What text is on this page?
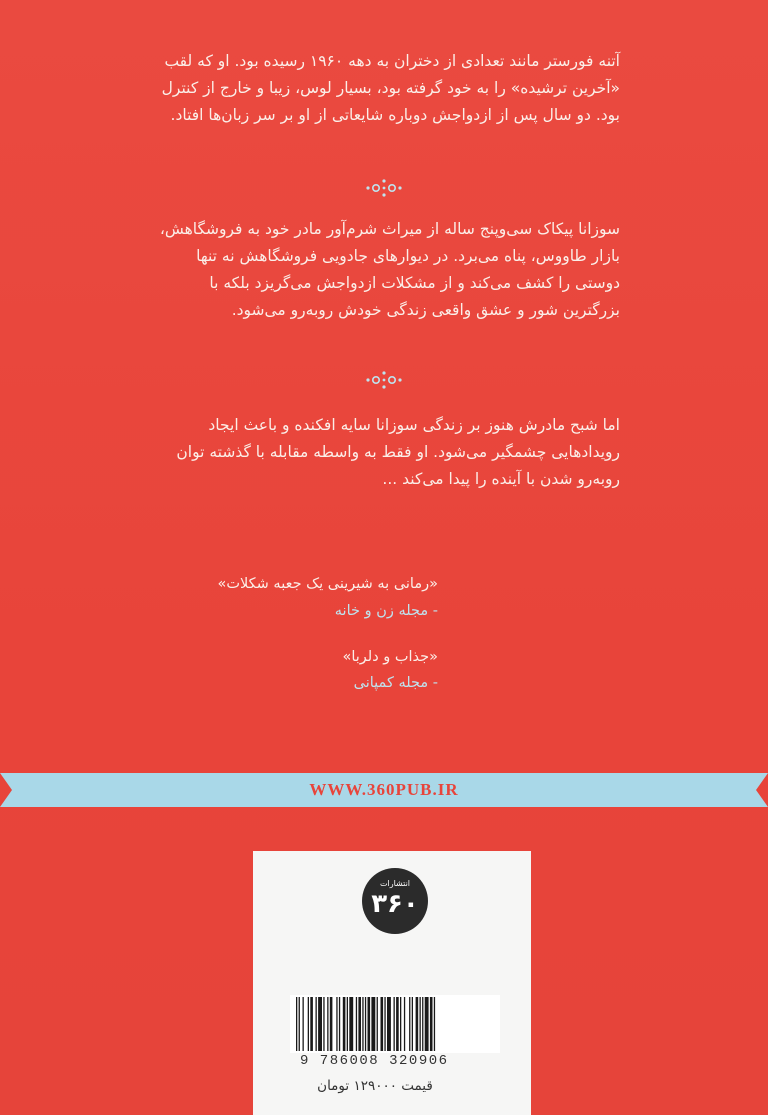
آتنه فورستر مانند تعدادی از دختران به دهه ۱۹۶۰ رسیده بود. او که لقب «آخرین ترشیده» را به خود گرفته بود، بسیار لوس، زیبا و خارج از کنترل بود. دو سال پس از ازدواجش دوباره شایعاتی از او بر سر زبان‌ها افتاد.
سوزانا پیکاک سی‌وپنج ساله از میراث شرم‌آور مادر خود به فروشگاهش، بازار طاووس، پناه می‌برد. در دیوارهای جادویی فروشگاهش نه تنها دوستی را کشف می‌کند و از مشکلات ازدواجش می‌گریزد بلکه با بزرگترین شور و عشق واقعی زندگی خودش روبه‌رو می‌شود.
اما شبح مادرش هنوز بر زندگی سوزانا سایه افکنده و باعث ایجاد رویدادهایی چشمگیر می‌شود. او فقط به واسطه مقابله با گذشته توان روبه‌رو شدن با آینده را پیدا می‌کند ...
«رمانی به شیرینی یک جعبه شکلات»
- مجله زن و خانه
«جذاب و دلربا»
- مجله کمپانی
WWW.360PUB.IR
۳۶۰
انتشارات
9 786008 320906
قیمت ۱۲۹۰۰۰ تومان
